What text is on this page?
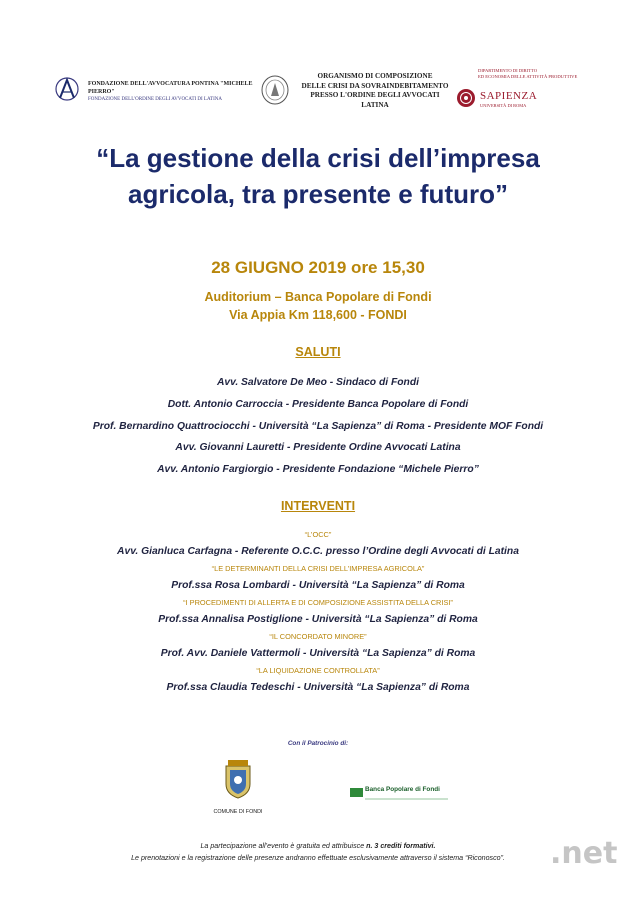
FONDAZIONE DELL'AVVOCATURA PONTINA "MICHELE PIERRO"
FONDAZIONE DELL'ORDINE DEGLI AVVOCATI DI LATINA
ORGANISMO DI COMPOSIZIONE
DELLE CRISI DA SOVRAINDEBITAMENTO
PRESSO L'ORDINE DEGLI AVVOCATI
LATINA
DIPARTIMENTO DI DIRITTO
ED ECONOMIA DELLE ATTIVITÀ PRODUTTIVE
SAPIENZA
UNIVERSITÀ DI ROMA
“La gestione della crisi dell’impresa
agricola, tra presente e futuro”
28 GIUGNO 2019 ore 15,30
Auditorium – Banca Popolare di Fondi
Via Appia Km 118,600 - FONDI
SALUTI
Avv. Salvatore De Meo - Sindaco di Fondi
Dott. Antonio Carroccia - Presidente Banca Popolare di Fondi
Prof. Bernardino Quattrociocchi - Università “La Sapienza” di Roma - Presidente MOF Fondi
Avv. Giovanni Lauretti - Presidente Ordine Avvocati Latina
Avv. Antonio Fargiorgio - Presidente Fondazione “Michele Pierro”
INTERVENTI
“L’OCC”
Avv. Gianluca Carfagna - Referente O.C.C. presso l’Ordine degli Avvocati di Latina
“LE DETERMINANTI DELLA CRISI DELL’IMPRESA AGRICOLA”
Prof.ssa Rosa Lombardi - Università “La Sapienza” di Roma
“I PROCEDIMENTI DI ALLERTA E DI COMPOSIZIONE ASSISTITA DELLA CRISI”
Prof.ssa Annalisa Postiglione - Università “La Sapienza” di Roma
“IL CONCORDATO MINORE”
Prof. Avv. Daniele Vattermoli - Università “La Sapienza” di Roma
“LA LIQUIDAZIONE CONTROLLATA”
Prof.ssa Claudia Tedeschi - Università “La Sapienza” di Roma
Con il Patrocinio di:
COMUNE DI FONDI
Banca Popolare di Fondi
La partecipazione all’evento è gratuita ed attribuisce n. 3 crediti formativi.
Le prenotazioni e la registrazione delle presenze andranno effettuate esclusivamente attraverso il sistema “Riconosco”.	.net
